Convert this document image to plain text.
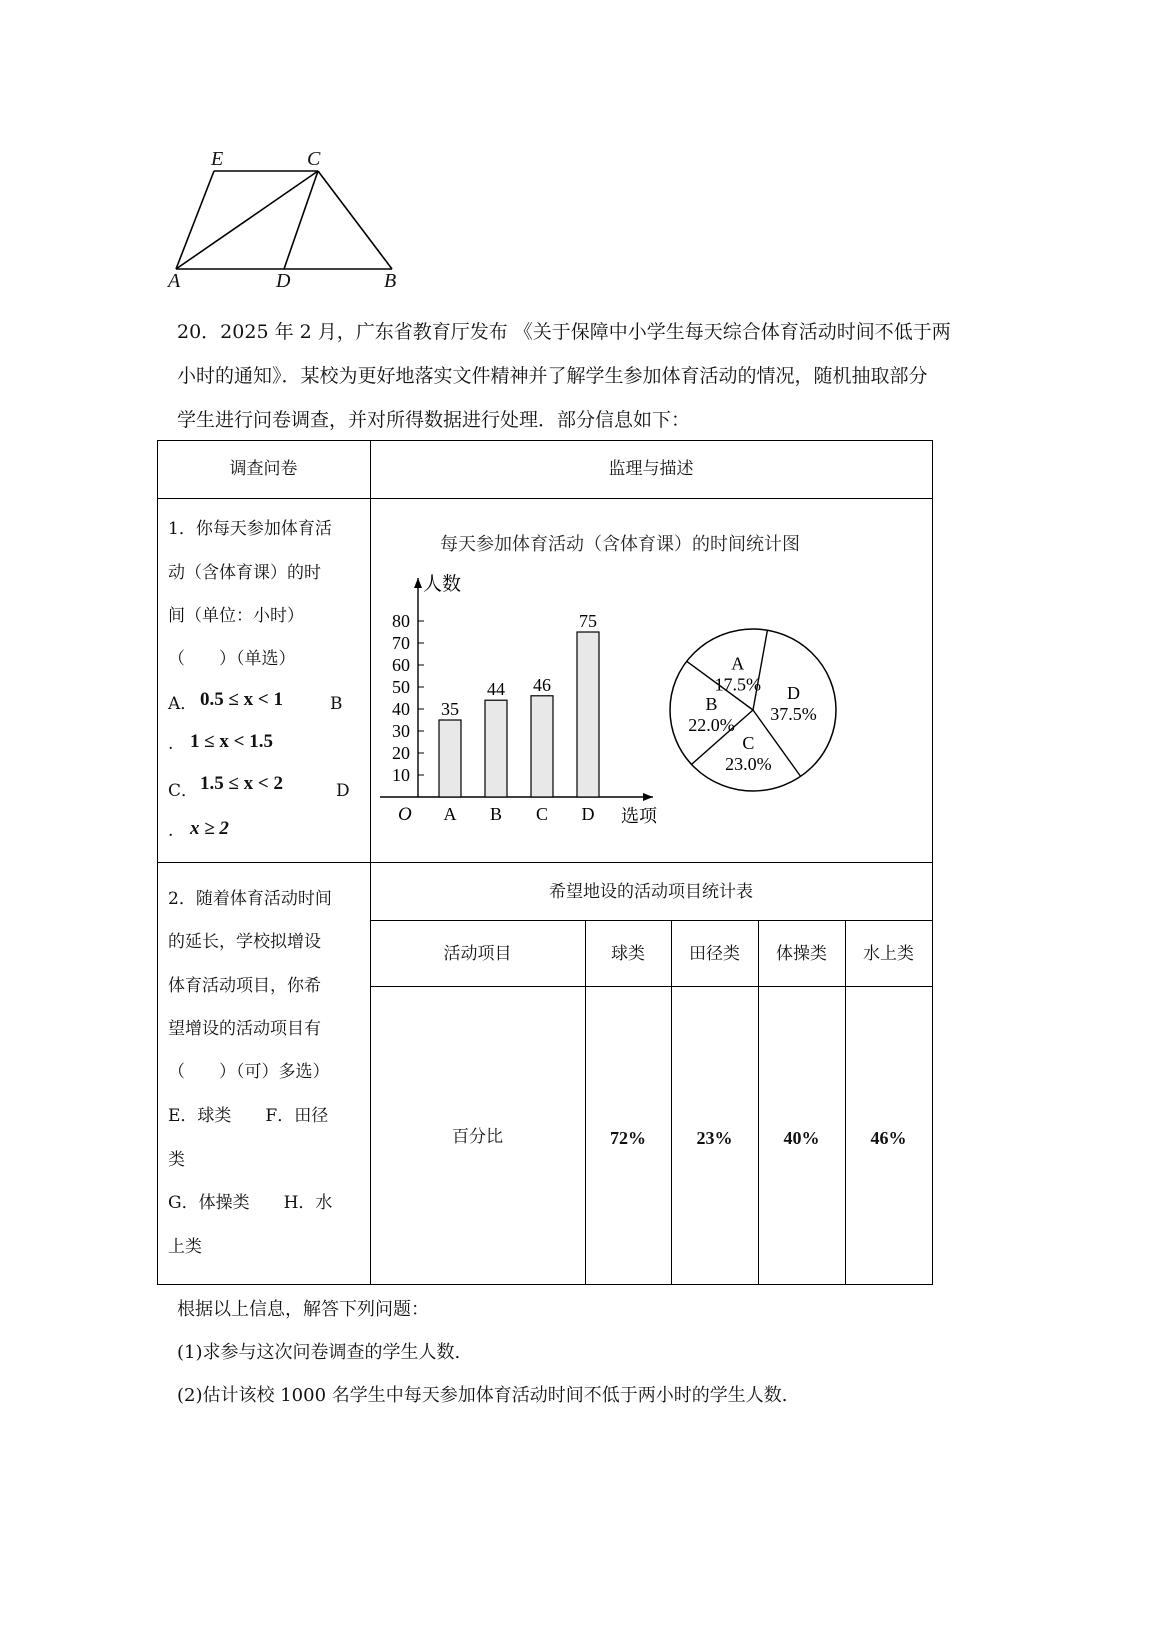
E	C
A	D	B
20．2025 年 2 月，广东省教育厅发布 《关于保障中小学生每天综合体育活动时间不低于两
小时的通知》．某校为更好地落实文件精神并了解学生参加体育活动的情况，随机抽取部分
学生进行问卷调查，并对所得数据进行处理．部分信息如下：
调查问卷	监理与描述
1．你每天参加体育活
动（含体育课）的时
间（单位：小时）
（　　）（单选）
A． 0.5 ≤ x < 1	B
. 1 ≤ x < 1.5
C． 1.5 ≤ x < 2	D
. x ≥ 2
每天参加体育活动（含体育课）的时间统计图
10
20
30
40
50
60
70
80
人数
O	选项
35
A
44
B
46
C
75
D
A
17.5% D
37.5%
C
23.0%
B
22.0%
2．随着体育活动时间
的延长，学校拟增设
体育活动项目，你希
望增设的活动项目有
（　　）（可）多选）
E．球类　　F．田径
类
G．体操类　　H．水
上类
希望地设的活动项目统计表
活动项目	球类	田径类	体操类	水上类
百分比	72%	23%	40%	46%
根据以上信息，解答下列问题：
(1)求参与这次问卷调查的学生人数.
(2)估计该校 1000 名学生中每天参加体育活动时间不低于两小时的学生人数.
